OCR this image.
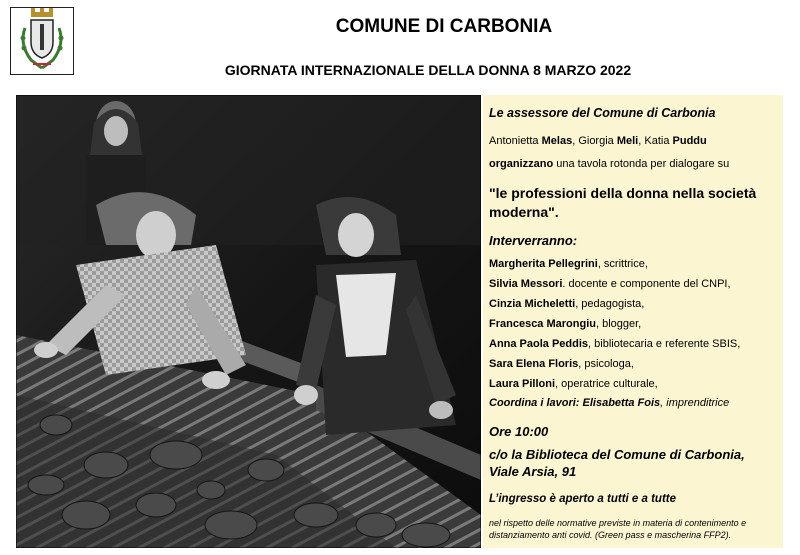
COMUNE DI CARBONIA
GIORNATA INTERNAZIONALE DELLA DONNA 8 MARZO 2022
Le assessore del Comune di Carbonia
Antonietta Melas, Giorgia Meli, Katia Puddu
organizzano una tavola rotonda per dialogare su
"le professioni della donna nella società
moderna".
Interverranno:
Margherita Pellegrini, scrittrice,
Silvia Messori. docente e componente del CNPI,
Cinzia Micheletti, pedagogista,
Francesca Marongiu, blogger,
Anna Paola Peddis, bibliotecaria e referente SBIS,
Sara Elena Floris, psicologa,
Laura Pilloni, operatrice culturale,
Coordina i lavori: Elisabetta Fois, imprenditrice
Ore 10:00
c/o la Biblioteca del Comune di Carbonia,
Viale Arsia, 91
L’ingresso è aperto a tutti e a tutte
nel rispetto delle normative previste in materia di contenimento e
distanziamento anti covid. (Green pass e mascherina FFP2).
